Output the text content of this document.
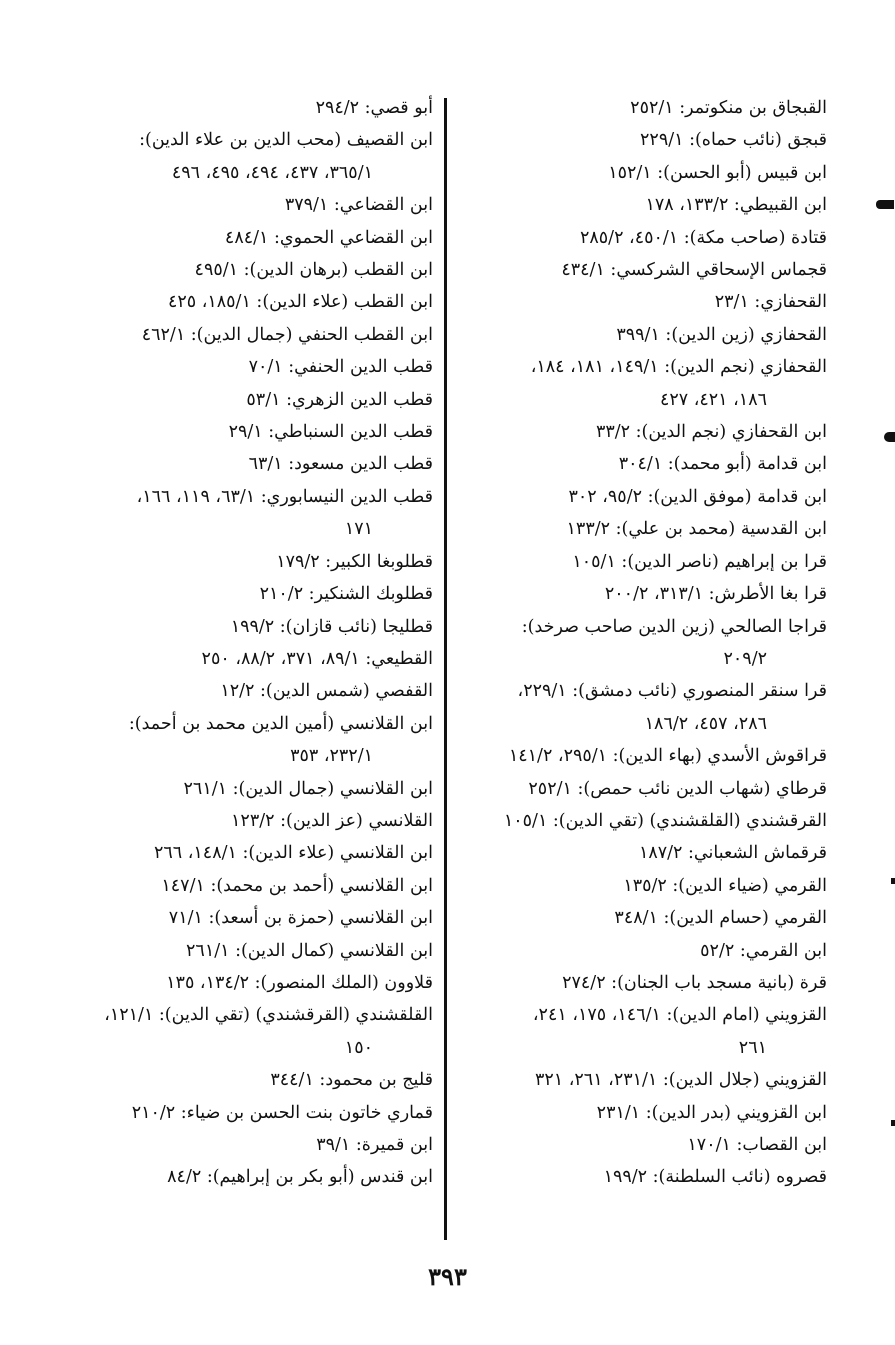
القبجاق بن منكوتمر: ٢٥٢/١
قبجق (نائب حماه): ٢٢٩/١
ابن قبيس (أبو الحسن): ١٥٢/١
ابن القبيطي: ١٣٣/٢، ١٧٨
قتادة (صاحب مكة): ٤٥٠/١، ٢٨٥/٢
قجماس الإسحاقي الشركسي: ٤٣٤/١
القحفازي: ٢٣/١
القحفازي (زين الدين): ٣٩٩/١
القحفازي (نجم الدين): ١٤٩/١، ١٨١، ١٨٤،
١٨٦، ٤٢١، ٤٢٧
ابن القحفازي (نجم الدين): ٣٣/٢
ابن قدامة (أبو محمد): ٣٠٤/١
ابن قدامة (موفق الدين): ٩٥/٢، ٣٠٢
ابن القدسية (محمد بن علي): ١٣٣/٢
قرا بن إبراهيم (ناصر الدين): ١٠٥/١
قرا بغا الأطرش: ٣١٣/١، ٢٠٠/٢
قراجا الصالحي (زين الدين صاحب صرخد):
٢٠٩/٢
قرا سنقر المنصوري (نائب دمشق): ٢٢٩/١،
٢٨٦، ٤٥٧، ١٨٦/٢
قراقوش الأسدي (بهاء الدين): ٢٩٥/١، ١٤١/٢
قرطاي (شهاب الدين نائب حمص): ٢٥٢/١
القرقشندي (القلقشندي) (تقي الدين): ١٠٥/١
قرقماش الشعباني: ١٨٧/٢
القرمي (ضياء الدين): ١٣٥/٢
القرمي (حسام الدين): ٣٤٨/١
ابن القرمي: ٥٢/٢
قرة (بانية مسجد باب الجنان): ٢٧٤/٢
القزويني (امام الدين): ١٤٦/١، ١٧٥، ٢٤١،
٢٦١
القزويني (جلال الدين): ٢٣١/١، ٢٦١، ٣٢١
ابن القزويني (بدر الدين): ٢٣١/١
ابن القصاب: ١٧٠/١
قصروه (نائب السلطنة): ١٩٩/٢
أبو قصي: ٢٩٤/٢
ابن القصيف (محب الدين بن علاء الدين):
٣٦٥/١، ٤٣٧، ٤٩٤، ٤٩٥، ٤٩٦
ابن القضاعي: ٣٧٩/١
ابن القضاعي الحموي: ٤٨٤/١
ابن القطب (برهان الدين): ٤٩٥/١
ابن القطب (علاء الدين): ١٨٥/١، ٤٢٥
ابن القطب الحنفي (جمال الدين): ٤٦٢/١
قطب الدين الحنفي: ٧٠/١
قطب الدين الزهري: ٥٣/١
قطب الدين السنباطي: ٢٩/١
قطب الدين مسعود: ٦٣/١
قطب الدين النيسابوري: ٦٣/١، ١١٩، ١٦٦،
١٧١
قطلوبغا الكبير: ١٧٩/٢
قطلوبك الشنكير: ٢١٠/٢
قطليجا (نائب قازان): ١٩٩/٢
القطيعي: ٨٩/١، ٣٧١، ٨٨/٢، ٢٥٠
القفصي (شمس الدين): ١٢/٢
ابن القلانسي (أمين الدين محمد بن أحمد):
٢٣٢/١، ٣٥٣
ابن القلانسي (جمال الدين): ٢٦١/١
القلانسي (عز الدين): ١٢٣/٢
ابن القلانسي (علاء الدين): ١٤٨/١، ٢٦٦
ابن القلانسي (أحمد بن محمد): ١٤٧/١
ابن القلانسي (حمزة بن أسعد): ٧١/١
ابن القلانسي (كمال الدين): ٢٦١/١
قلاوون (الملك المنصور): ١٣٤/٢، ١٣٥
القلقشندي (القرقشندي) (تقي الدين): ١٢١/١،
١٥٠
قليج بن محمود: ٣٤٤/١
قماري خاتون بنت الحسن بن ضياء: ٢١٠/٢
ابن قميرة: ٣٩/١
ابن قندس (أبو بكر بن إبراهيم): ٨٤/٢
٣٩٣
